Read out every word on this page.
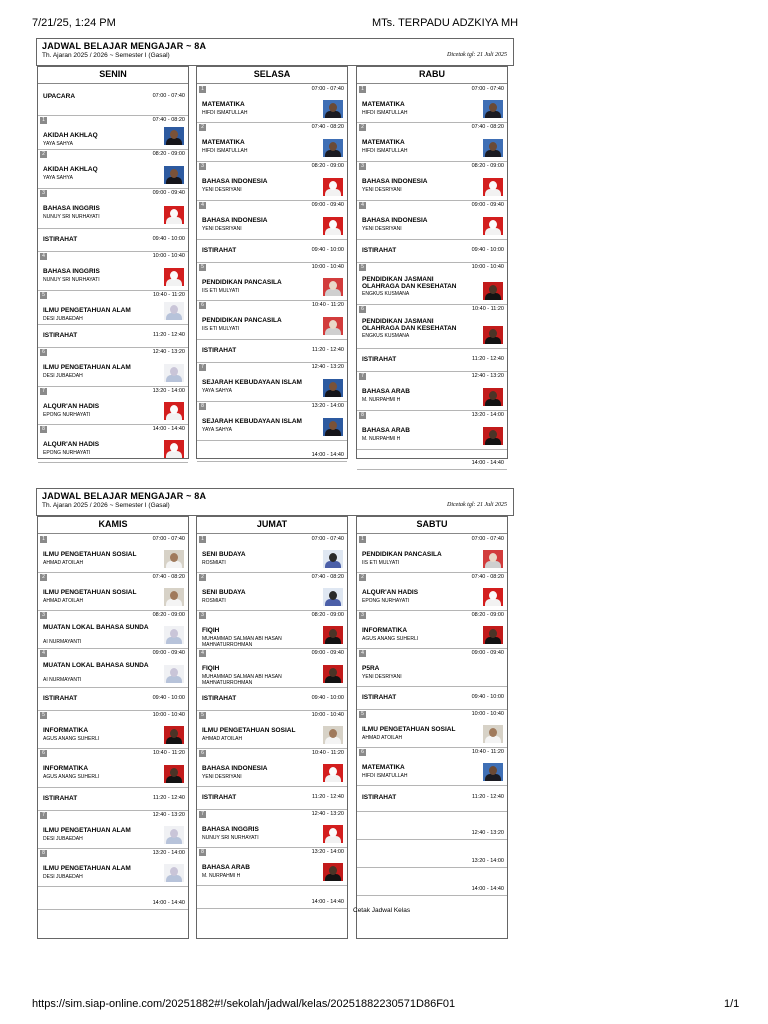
7/21/25, 1:24 PM	MTs. TERPADU ADZKIYA MH
JADWAL BELAJAR MENGAJAR ~ 8A
Th. Ajaran 2025 / 2026 ~ Semester I (Gasal)	Dicetak tgl: 21 Juli 2025
SENIN
UPACARA	07:00 - 07:40
07:40 - 08:20
1
AKIDAH AKHLAQ
YAYA SAHYA
08:20 - 09:00
2
AKIDAH AKHLAQ
YAYA SAHYA
09:00 - 09:40
3
BAHASA INGGRIS
NUNUY SRI NURHAYATI
ISTIRAHAT	09:40 - 10:00
10:00 - 10:40
4
BAHASA INGGRIS
NUNUY SRI NURHAYATI
10:40 - 11:20
5
ILMU PENGETAHUAN ALAM
DESI JUBAEDAH
ISTIRAHAT	11:20 - 12:40
12:40 - 13:20
6
ILMU PENGETAHUAN ALAM
DESI JUBAEDAH
13:20 - 14:00
7
ALQUR'AN HADIS
EPONG NURHAYATI
14:00 - 14:40
8
ALQUR'AN HADIS
EPONG NURHAYATI
SELASA
07:00 - 07:40
1
MATEMATIKA
HIFDI ISMATULLAH
07:40 - 08:20
2
MATEMATIKA
HIFDI ISMATULLAH
08:20 - 09:00
3
BAHASA INDONESIA
YENI DESRIYANI
09:00 - 09:40
4
BAHASA INDONESIA
YENI DESRIYANI
ISTIRAHAT	09:40 - 10:00
10:00 - 10:40
5
PENDIDIKAN PANCASILA
IIS ETI MULYATI
10:40 - 11:20
6
PENDIDIKAN PANCASILA
IIS ETI MULYATI
ISTIRAHAT	11:20 - 12:40
12:40 - 13:20
7
SEJARAH KEBUDAYAAN ISLAM
YAYA SAHYA
13:20 - 14:00
8
SEJARAH KEBUDAYAAN ISLAM
YAYA SAHYA
14:00 - 14:40
RABU
07:00 - 07:40
1
MATEMATIKA
HIFDI ISMATULLAH
07:40 - 08:20
2
MATEMATIKA
HIFDI ISMATULLAH
08:20 - 09:00
3
BAHASA INDONESIA
YENI DESRIYANI
09:00 - 09:40
4
BAHASA INDONESIA
YENI DESRIYANI
ISTIRAHAT	09:40 - 10:00
10:00 - 10:40
5
PENDIDIKAN JASMANI OLAHRAGA DAN KESEHATAN
ENGKUS KUSMANA
10:40 - 11:20
6
PENDIDIKAN JASMANI OLAHRAGA DAN KESEHATAN
ENGKUS KUSMANA
ISTIRAHAT	11:20 - 12:40
12:40 - 13:20
7
BAHASA ARAB
M. NURPAHMI H
13:20 - 14:00
8
BAHASA ARAB
M. NURPAHMI H
14:00 - 14:40
JADWAL BELAJAR MENGAJAR ~ 8A
Th. Ajaran 2025 / 2026 ~ Semester I (Gasal)	Dicetak tgl: 21 Juli 2025
KAMIS
07:00 - 07:40
1
ILMU PENGETAHUAN SOSIAL
AHMAD ATOILAH
07:40 - 08:20
2
ILMU PENGETAHUAN SOSIAL
AHMAD ATOILAH
08:20 - 09:00
3
MUATAN LOKAL BAHASA SUNDA
AI NURMAYANTI
09:00 - 09:40
4
MUATAN LOKAL BAHASA SUNDA
AI NURMAYANTI
ISTIRAHAT	09:40 - 10:00
10:00 - 10:40
5
INFORMATIKA
AGUS ANANG SUHERLI
10:40 - 11:20
6
INFORMATIKA
AGUS ANANG SUHERLI
ISTIRAHAT	11:20 - 12:40
12:40 - 13:20
7
ILMU PENGETAHUAN ALAM
DESI JUBAEDAH
13:20 - 14:00
8
ILMU PENGETAHUAN ALAM
DESI JUBAEDAH
14:00 - 14:40
JUMAT
07:00 - 07:40
1
SENI BUDAYA
ROSMIATI
07:40 - 08:20
2
SENI BUDAYA
ROSMIATI
08:20 - 09:00
3
FIQIH
MUHAMMAD SALMAN ABI HASAN MAHNATURROHMAN
09:00 - 09:40
4
FIQIH
MUHAMMAD SALMAN ABI HASAN MAHNATURROHMAN
ISTIRAHAT	09:40 - 10:00
10:00 - 10:40
5
ILMU PENGETAHUAN SOSIAL
AHMAD ATOILAH
10:40 - 11:20
6
BAHASA INDONESIA
YENI DESRIYANI
ISTIRAHAT	11:20 - 12:40
12:40 - 13:20
7
BAHASA INGGRIS
NUNUY SRI NURHAYATI
13:20 - 14:00
8
BAHASA ARAB
M. NURPAHMI H
14:00 - 14:40
SABTU
07:00 - 07:40
1
PENDIDIKAN PANCASILA
IIS ETI MULYATI
07:40 - 08:20
2
ALQUR'AN HADIS
EPONG NURHAYATI
08:20 - 09:00
3
INFORMATIKA
AGUS ANANG SUHERLI
09:00 - 09:40
4
P5RA
YENI DESRIYANI
ISTIRAHAT	09:40 - 10:00
10:00 - 10:40
5
ILMU PENGETAHUAN SOSIAL
AHMAD ATOILAH
10:40 - 11:20
6
MATEMATIKA
HIFDI ISMATULLAH
ISTIRAHAT	11:20 - 12:40
12:40 - 13:20
13:20 - 14:00
14:00 - 14:40
Cetak Jadwal Kelas
https://sim.siap-online.com/20251882#!/sekolah/jadwal/kelas/20251882230571D86F01	1/1
